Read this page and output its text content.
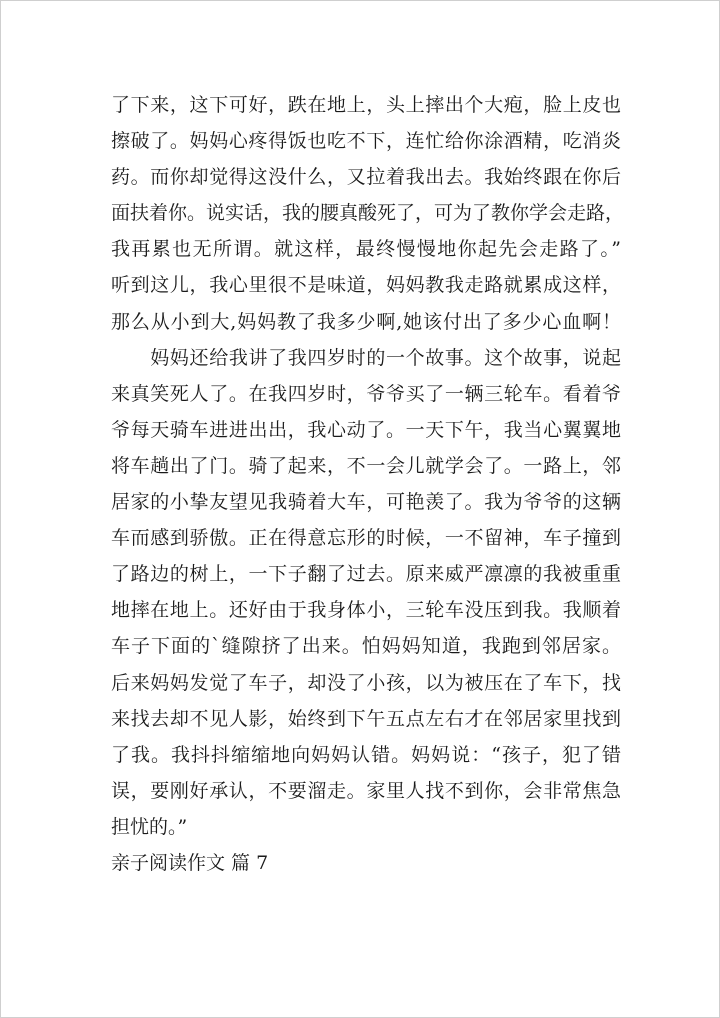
了下来，这下可好，跌在地上，头上摔出个大疱，脸上皮也
擦破了。妈妈心疼得饭也吃不下，连忙给你涂酒精，吃消炎
药。而你却觉得这没什么，又拉着我出去。我始终跟在你后
面扶着你。说实话，我的腰真酸死了，可为了教你学会走路，
我再累也无所谓。就这样，最终慢慢地你起先会走路了。”
听到这儿，我心里很不是味道，妈妈教我走路就累成这样，
那么从小到大,妈妈教了我多少啊,她该付出了多少心血啊！
　　妈妈还给我讲了我四岁时的一个故事。这个故事，说起
来真笑死人了。在我四岁时，爷爷买了一辆三轮车。看着爷
爷每天骑车进进出出，我心动了。一天下午，我当心翼翼地
将车趟出了门。骑了起来，不一会儿就学会了。一路上，邻
居家的小挚友望见我骑着大车，可艳羡了。我为爷爷的这辆
车而感到骄傲。正在得意忘形的时候，一不留神，车子撞到
了路边的树上，一下子翻了过去。原来威严凛凛的我被重重
地摔在地上。还好由于我身体小，三轮车没压到我。我顺着
车子下面的`缝隙挤了出来。怕妈妈知道，我跑到邻居家。
后来妈妈发觉了车子，却没了小孩，以为被压在了车下，找
来找去却不见人影，始终到下午五点左右才在邻居家里找到
了我。我抖抖缩缩地向妈妈认错。妈妈说：“孩子，犯了错
误，要刚好承认，不要溜走。家里人找不到你，会非常焦急
担忧的。”
亲子阅读作文 篇 7
